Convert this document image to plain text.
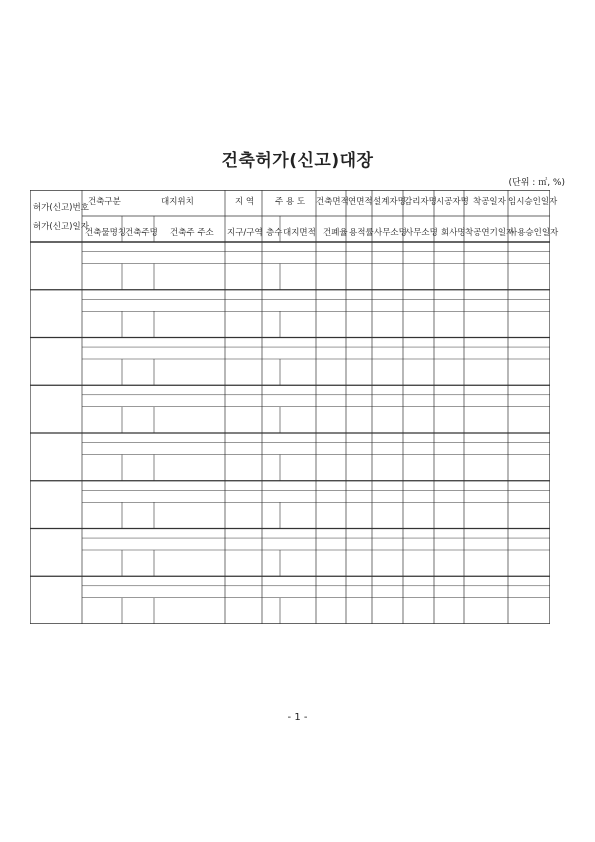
건축허가(신고)대장
(단위 : ㎡, %)
허가(신고)번호
건축구분	대지위치	지 역 주 용 도 건축면적 연면적 설계자명
감리자명 시공자명 착공일자 임시승인일자
허가(신고)일자
건축물명칭
건축주명 건축주 주소 지구/구역 층수 대지면적 건폐율 용적률 사무소명
사무소명 회사명 착공연기일자
사용승인일자
- 1 -
